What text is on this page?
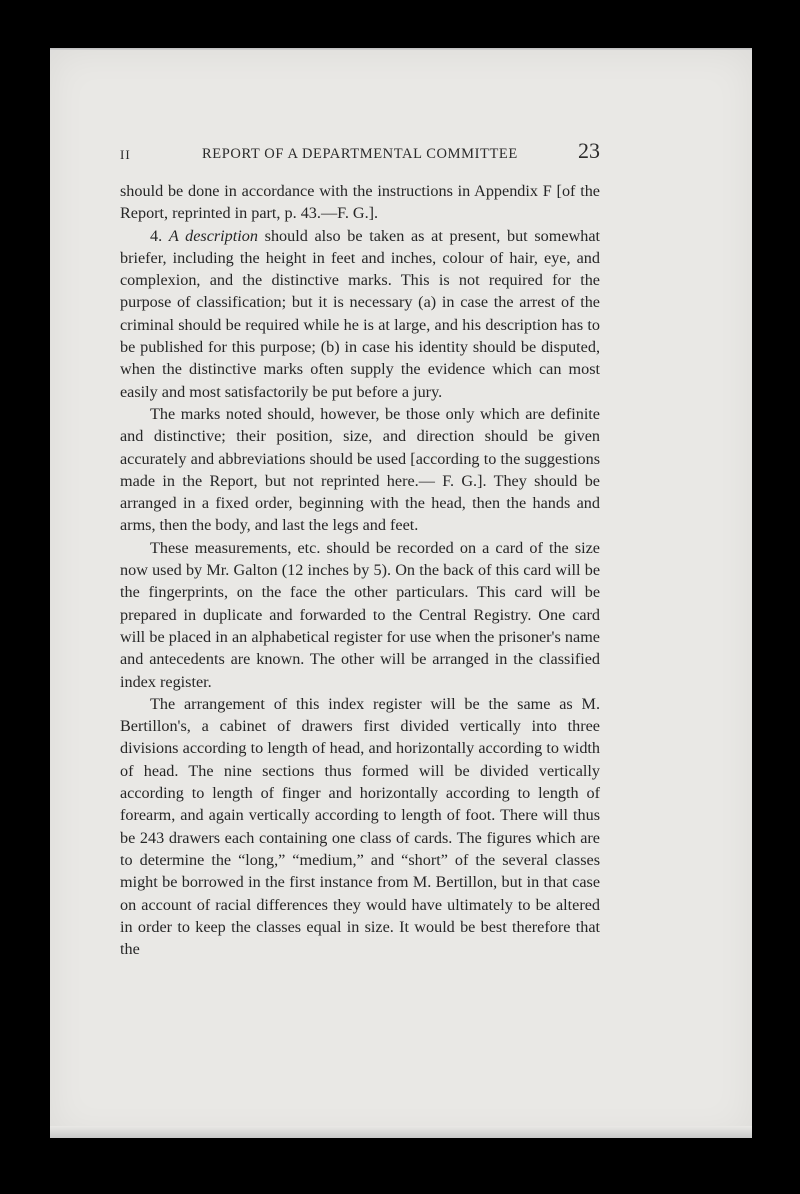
II	REPORT OF A DEPARTMENTAL COMMITTEE	23

should be done in accordance with the instructions in Appendix F [of the Report, reprinted in part, p. 43.—F. G.].

4. A description should also be taken as at present, but somewhat briefer, including the height in feet and inches, colour of hair, eye, and complexion, and the distinctive marks. This is not required for the purpose of classification; but it is necessary (a) in case the arrest of the criminal should be required while he is at large, and his description has to be published for this purpose; (b) in case his identity should be disputed, when the distinctive marks often supply the evidence which can most easily and most satisfactorily be put before a jury.

The marks noted should, however, be those only which are definite and distinctive; their position, size, and direction should be given accurately and abbreviations should be used [according to the suggestions made in the Report, but not reprinted here.— F. G.]. They should be arranged in a fixed order, beginning with the head, then the hands and arms, then the body, and last the legs and feet.

These measurements, etc. should be recorded on a card of the size now used by Mr. Galton (12 inches by 5). On the back of this card will be the fingerprints, on the face the other particulars. This card will be prepared in duplicate and forwarded to the Central Registry. One card will be placed in an alphabetical register for use when the prisoner's name and antecedents are known. The other will be arranged in the classified index register.

The arrangement of this index register will be the same as M. Bertillon's, a cabinet of drawers first divided vertically into three divisions according to length of head, and horizontally according to width of head. The nine sections thus formed will be divided vertically according to length of finger and horizontally according to length of forearm, and again vertically according to length of foot. There will thus be 243 drawers each containing one class of cards. The figures which are to determine the “long,” “medium,” and “short” of the several classes might be borrowed in the first instance from M. Bertillon, but in that case on account of racial differences they would have ultimately to be altered in order to keep the classes equal in size. It would be best therefore that the
